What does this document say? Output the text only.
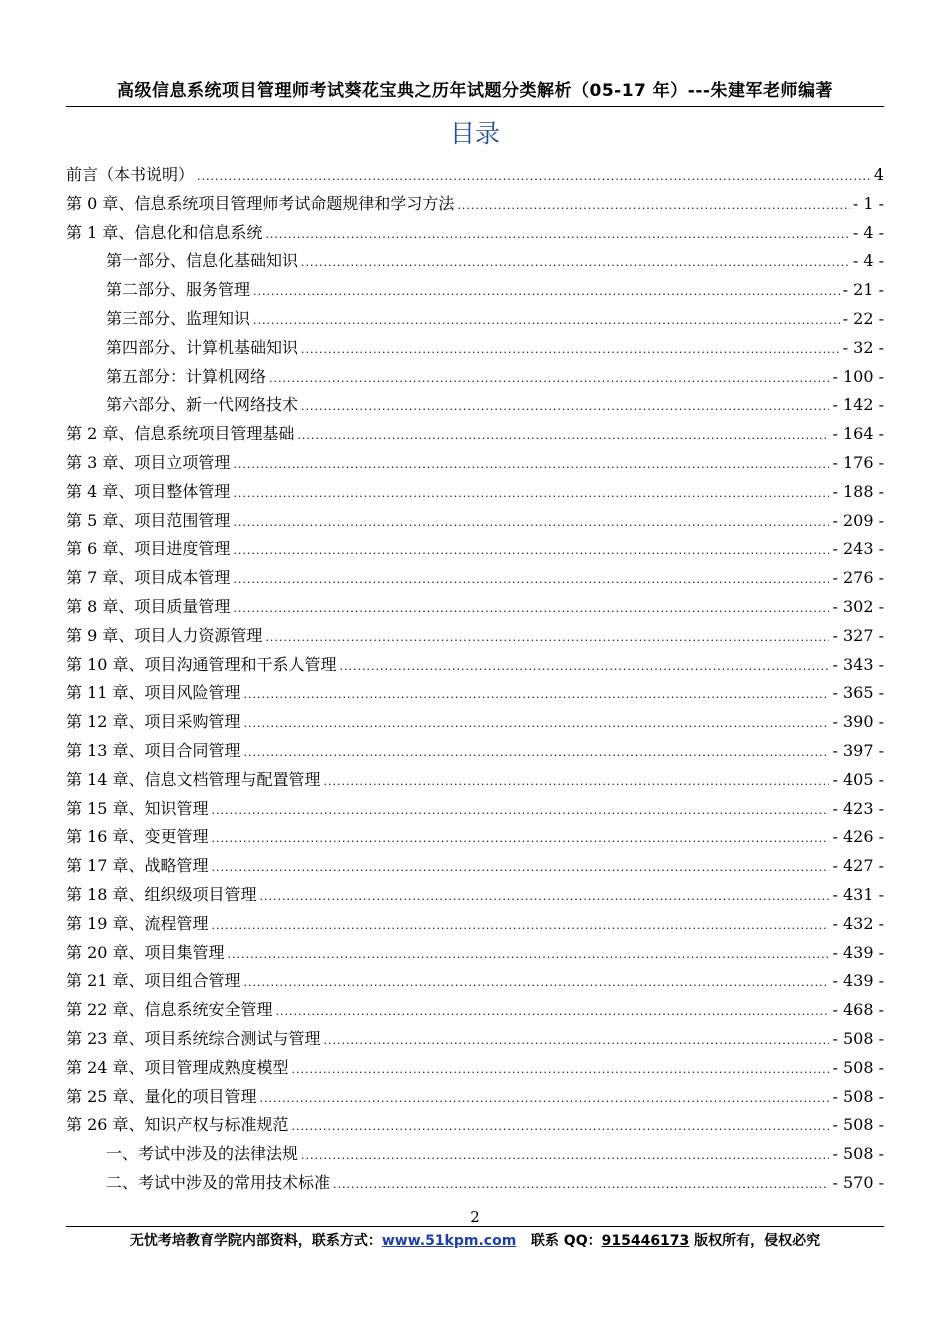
高级信息系统项目管理师考试葵花宝典之历年试题分类解析（05-17 年）---朱建军老师编著
目录
前言（本书说明） .....	4
第 0 章、信息系统项目管理师考试命题规律和学习方法 .....	- 1 -
第 1 章、信息化和信息系统 .....	- 4 -
第一部分、信息化基础知识 .....	- 4 -
第二部分、服务管理 .....	- 21 -
第三部分、监理知识 .....	- 22 -
第四部分、计算机基础知识 .....	- 32 -
第五部分：计算机网络 .....	- 100 -
第六部分、新一代网络技术 .....	- 142 -
第 2 章、信息系统项目管理基础 .....	- 164 -
第 3 章、项目立项管理 .....	- 176 -
第 4 章、项目整体管理 .....	- 188 -
第 5 章、项目范围管理 .....	- 209 -
第 6 章、项目进度管理 .....	- 243 -
第 7 章、项目成本管理 .....	- 276 -
第 8 章、项目质量管理 .....	- 302 -
第 9 章、项目人力资源管理 .....	- 327 -
第 10 章、项目沟通管理和干系人管理 .....	- 343 -
第 11 章、项目风险管理 .....	- 365 -
第 12 章、项目采购管理 .....	- 390 -
第 13 章、项目合同管理 .....	- 397 -
第 14 章、信息文档管理与配置管理 .....	- 405 -
第 15 章、知识管理 .....	- 423 -
第 16 章、变更管理 .....	- 426 -
第 17 章、战略管理 .....	- 427 -
第 18 章、组织级项目管理 .....	- 431 -
第 19 章、流程管理 .....	- 432 -
第 20 章、项目集管理 .....	- 439 -
第 21 章、项目组合管理 .....	- 439 -
第 22 章、信息系统安全管理 .....	- 468 -
第 23 章、项目系统综合测试与管理 .....	- 508 -
第 24 章、项目管理成熟度模型 .....	- 508 -
第 25 章、量化的项目管理 .....	- 508 -
第 26 章、知识产权与标准规范 .....	- 508 -
一、考试中涉及的法律法规 .....	- 508 -
二、考试中涉及的常用技术标准 .....	- 570 -
2
无忧考培教育学院内部资料，联系方式：www.51kpm.com 联系 QQ：915446173 版权所有，侵权必究
